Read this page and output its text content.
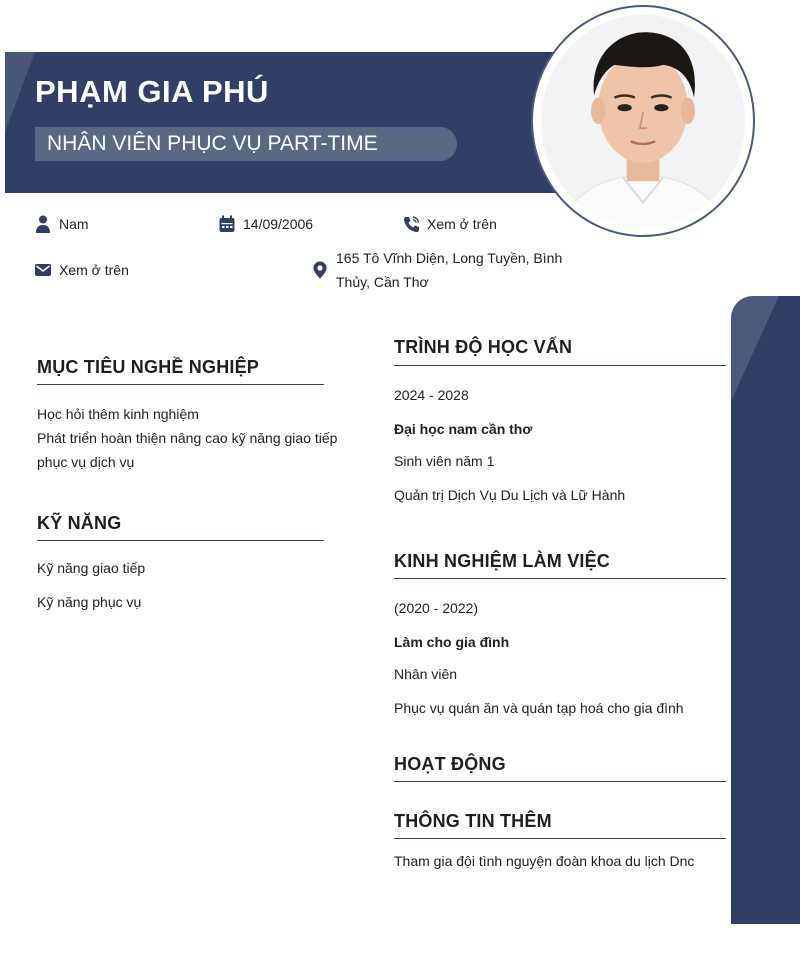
PHẠM GIA PHÚ
NHÂN VIÊN PHỤC VỤ PART-TIME
Nam	14/09/2006	Xem ở trên
Xem ở trên
165 Tô Vĩnh Diện, Long Tuyền, Bình
Thủy, Cần Thơ
MỤC TIÊU NGHỀ NGHIỆP
Học hỏi thêm kinh nghiệm
Phát triển hoàn thiện nâng cao kỹ năng giao tiếp
phục vụ dịch vụ
KỸ NĂNG
Kỹ năng giao tiếp
Kỹ năng phục vụ
TRÌNH ĐỘ HỌC VẤN
2024 - 2028
Đại học nam cần thơ
Sinh viên năm 1
Quản trị Dịch Vụ Du Lịch và Lữ Hành
KINH NGHIỆM LÀM VIỆC
(2020 - 2022)
Làm cho gia đình
Nhân viên
Phục vụ quán ăn và quán tạp hoá cho gia đình
HOẠT ĐỘNG
THÔNG TIN THÊM
Tham gia đội tình nguyện đoàn khoa du lịch Dnc
